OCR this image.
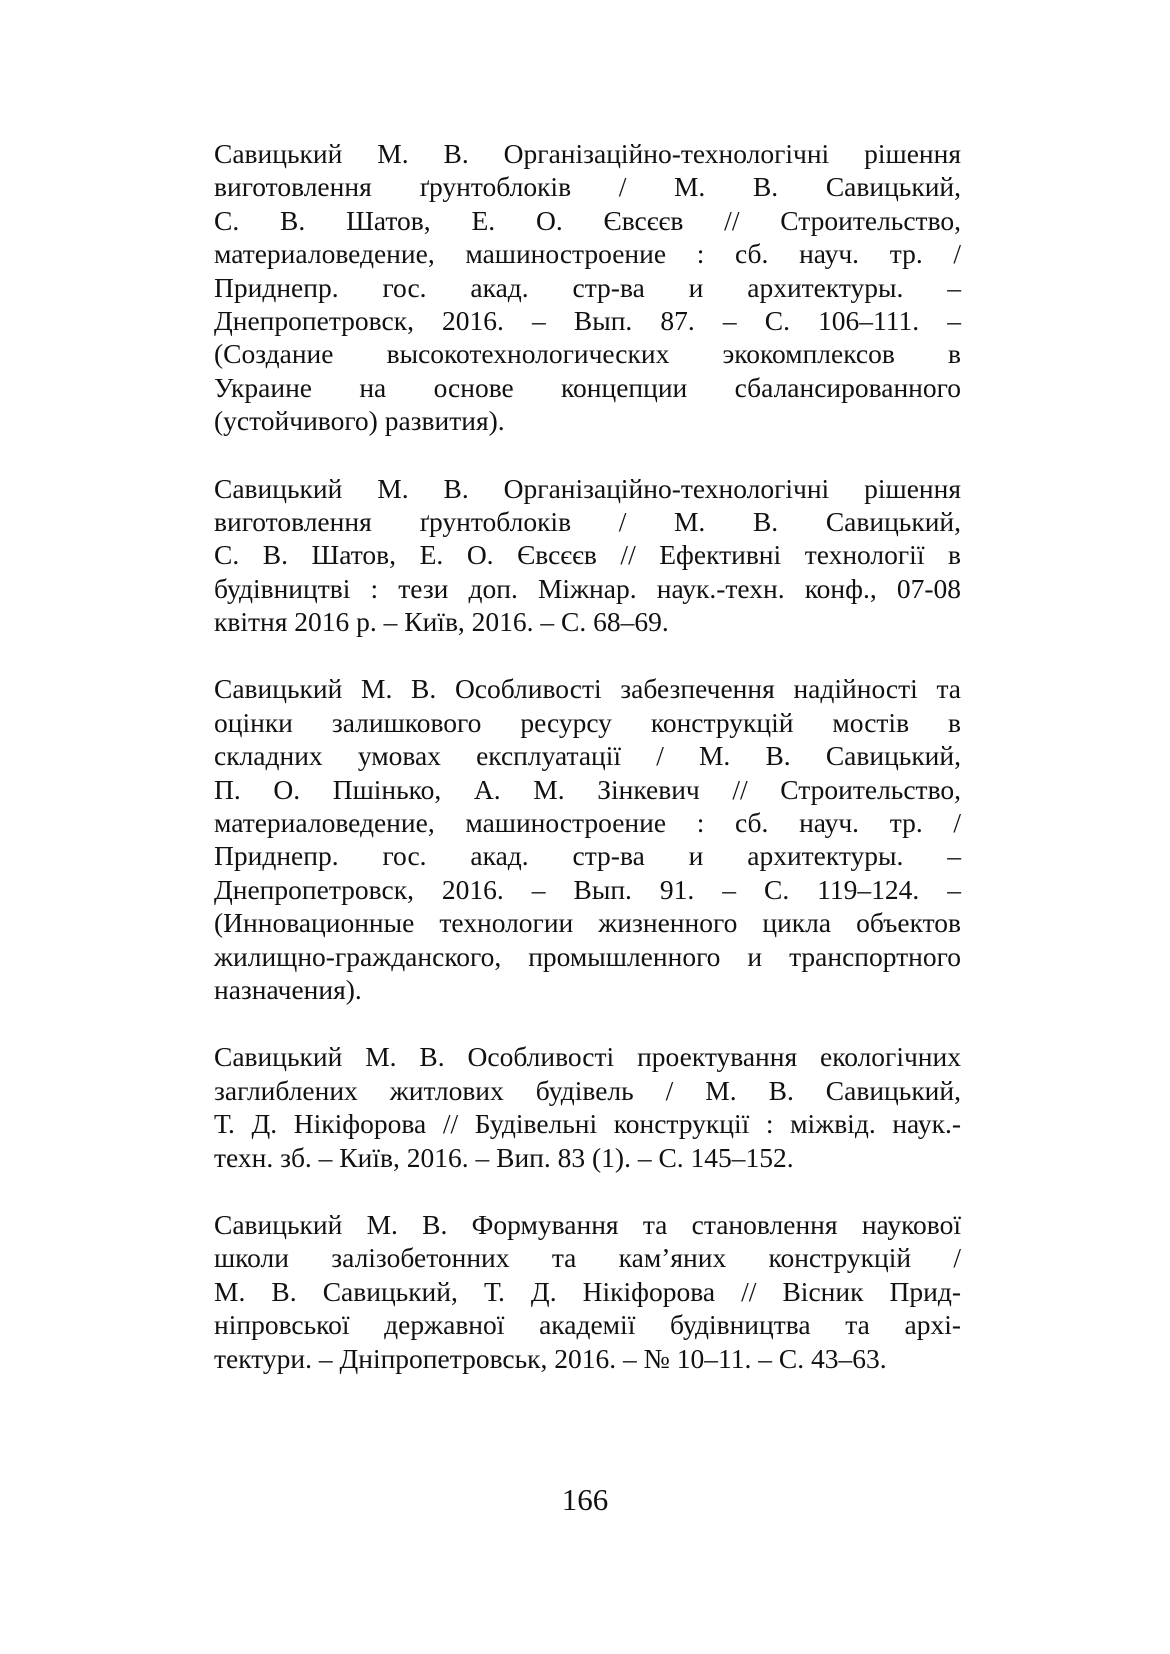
Савицький М. В. Організаційно-технологічні рішення
виготовлення ґрунтоблоків / М. В. Савицький,
С. В. Шатов, Е. О. Євсєєв // Строительство,
материаловедение, машиностроение : сб. науч. тр. /
Приднепр. гос. акад. стр-ва и архитектуры. –
Днепропетровск, 2016. – Вып. 87. – С. 106–111. –
(Создание высокотехнологических экокомплексов в
Украине на основе концепции сбалансированного
(устойчивого) развития).
Савицький М. В. Організаційно-технологічні рішення
виготовлення ґрунтоблоків / М. В. Савицький,
С. В. Шатов, Е. О. Євсєєв // Ефективні технології в
будівництві : тези доп. Міжнар. наук.-техн. конф., 07-08
квітня 2016 р. – Київ, 2016. – С. 68–69.
Савицький М. В. Особливості забезпечення надійності та
оцінки залишкового ресурсу конструкцій мостів в
складних умовах експлуатації / М. В. Савицький,
П. О. Пшінько, А. М. Зінкевич // Строительство,
материаловедение, машиностроение : сб. науч. тр. /
Приднепр. гос. акад. стр-ва и архитектуры. –
Днепропетровск, 2016. – Вып. 91. – С. 119–124. –
(Инновационные технологии жизненного цикла объектов
жилищно-гражданского, промышленного и транспортного
назначения).
Савицький М. В. Особливості проектування екологічних
заглиблених житлових будівель / М. В. Савицький,
Т. Д. Нікіфорова // Будівельні конструкції : міжвід. наук.-
техн. зб. – Київ, 2016. – Вип. 83 (1). – С. 145–152.
Савицький М. В. Формування та становлення наукової
школи залізобетонних та кам’яних конструкцій /
М. В. Савицький, Т. Д. Нікіфорова // Вісник Прид-
ніпровської державної академії будівництва та архі-
тектури. – Дніпропетровськ, 2016. – № 10–11. – С. 43–63.
166
